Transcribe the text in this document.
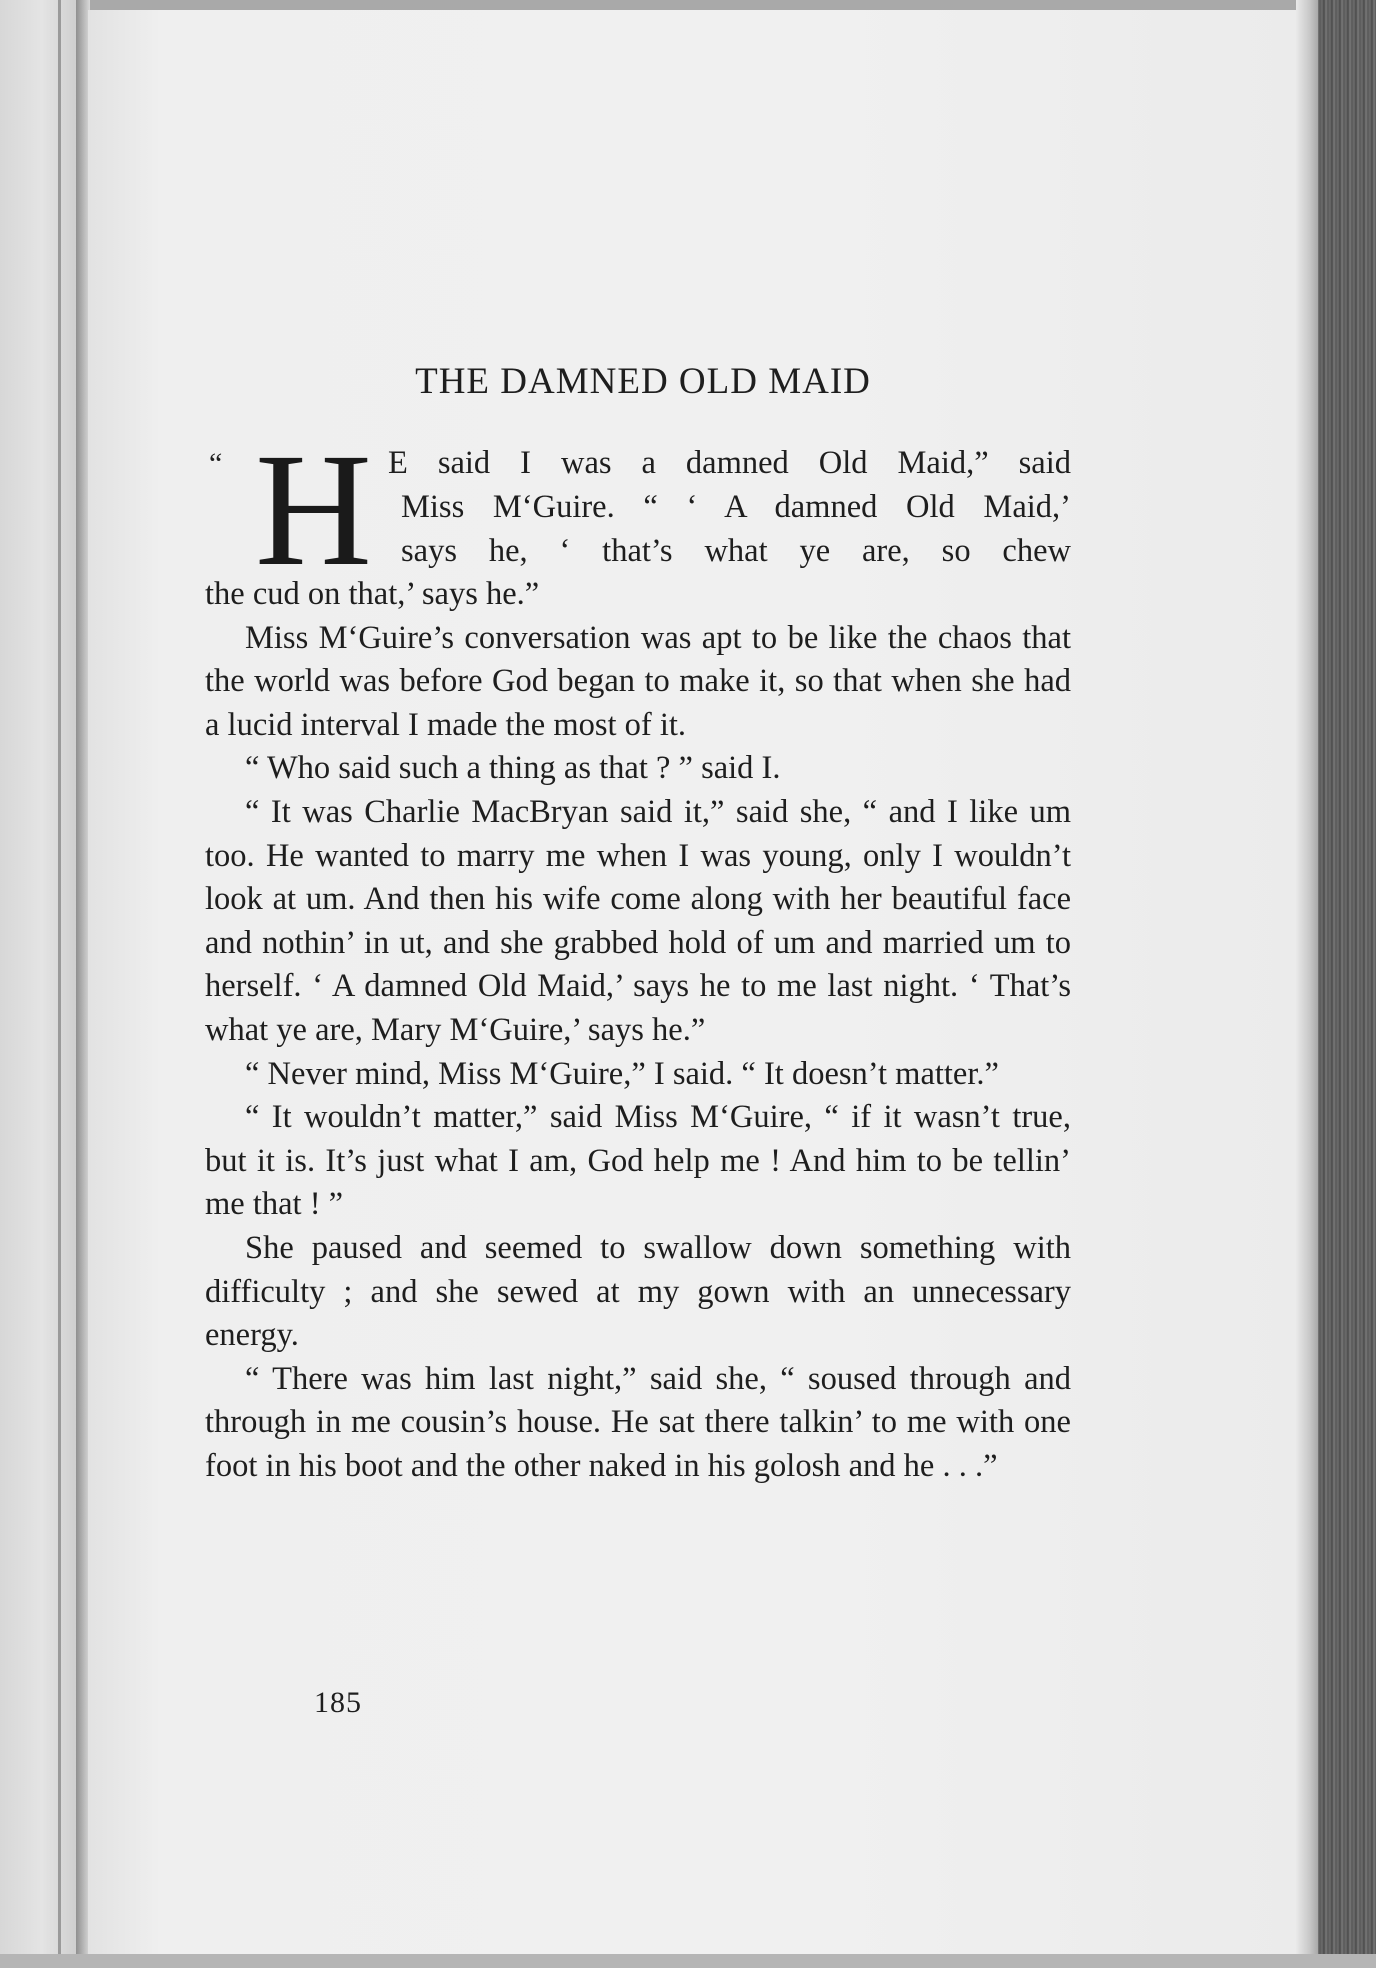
THE DAMNED OLD MAID
“ H E said I was a damned Old Maid,” said
Miss M‘Guire. “ ‘ A damned Old Maid,’
says he, ‘ that’s what ye are, so chew

the cud on that,’ says he.”

Miss M‘Guire’s conversation was apt to be like the chaos that the world was before God began to make it, so that when she had a lucid interval I made the most of it.

“ Who said such a thing as that ? ” said I.

“ It was Charlie MacBryan said it,” said she, “ and I like um too. He wanted to marry me when I was young, only I wouldn’t look at um. And then his wife come along with her beautiful face and nothin’ in ut, and she grabbed hold of um and married um to herself. ‘ A damned Old Maid,’ says he to me last night. ‘ That’s what ye are, Mary M‘Guire,’ says he.”

“ Never mind, Miss M‘Guire,” I said. “ It doesn’t matter.”

“ It wouldn’t matter,” said Miss M‘Guire, “ if it wasn’t true, but it is. It’s just what I am, God help me ! And him to be tellin’ me that ! ”

She paused and seemed to swallow down something with difficulty ; and she sewed at my gown with an unnecessary energy.

“ There was him last night,” said she, “ soused through and through in me cousin’s house. He sat there talkin’ to me with one foot in his boot and the other naked in his golosh and he . . .”

185
